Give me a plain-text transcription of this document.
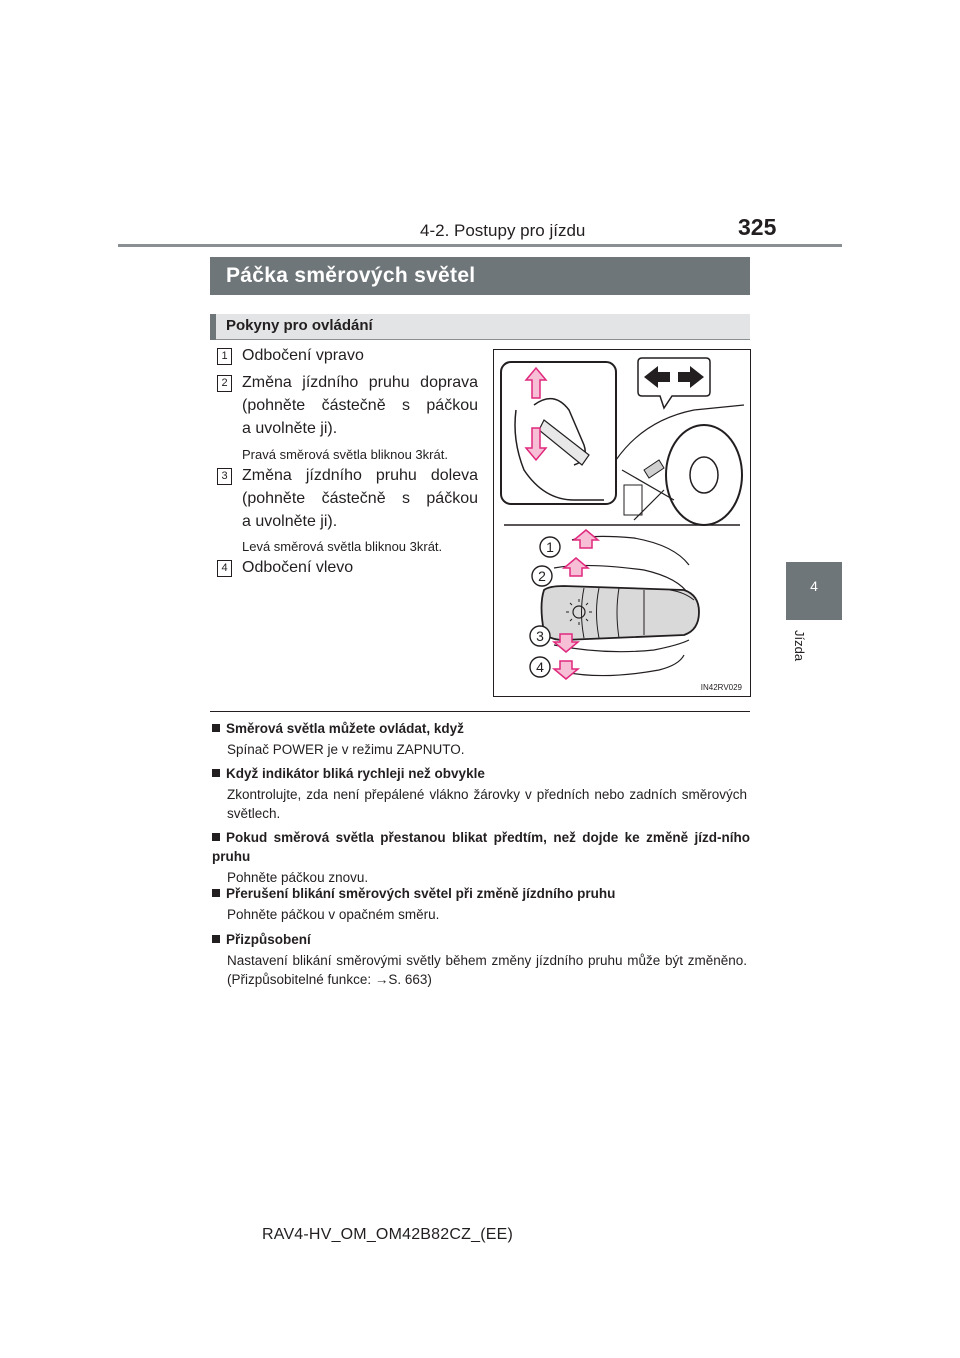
4-2. Postupy pro jízdu	325
4
Jízda
Páčka směrových světel
Pokyny pro ovládání
1 Odbočení vpravo
2 Změna jízdního pruhu doprava
(pohněte částečně s páčkou
a uvolněte ji).
Pravá směrová světla bliknou 3krát.
3 Změna jízdního pruhu doleva
(pohněte částečně s páčkou
a uvolněte ji).
Levá směrová světla bliknou 3krát.
4 Odbočení vlevo
1
2
3
4
IN42RV029
Směrová světla můžete ovládat, když
Spínač POWER je v režimu ZAPNUTO.
Když indikátor bliká rychleji než obvykle
Zkontrolujte, zda není přepálené vlákno žárovky v předních nebo zadních směrových světlech.
Pokud směrová světla přestanou blikat předtím, než dojde ke změně jízd-ního pruhu
Pohněte páčkou znovu.
Přerušení blikání směrových světel při změně jízdního pruhu
Pohněte páčkou v opačném směru.
Přizpůsobení
Nastavení blikání směrovými světly během změny jízdního pruhu může být změněno. (Přizpůsobitelné funkce: →S. 663)
RAV4-HV_OM_OM42B82CZ_(EE)
